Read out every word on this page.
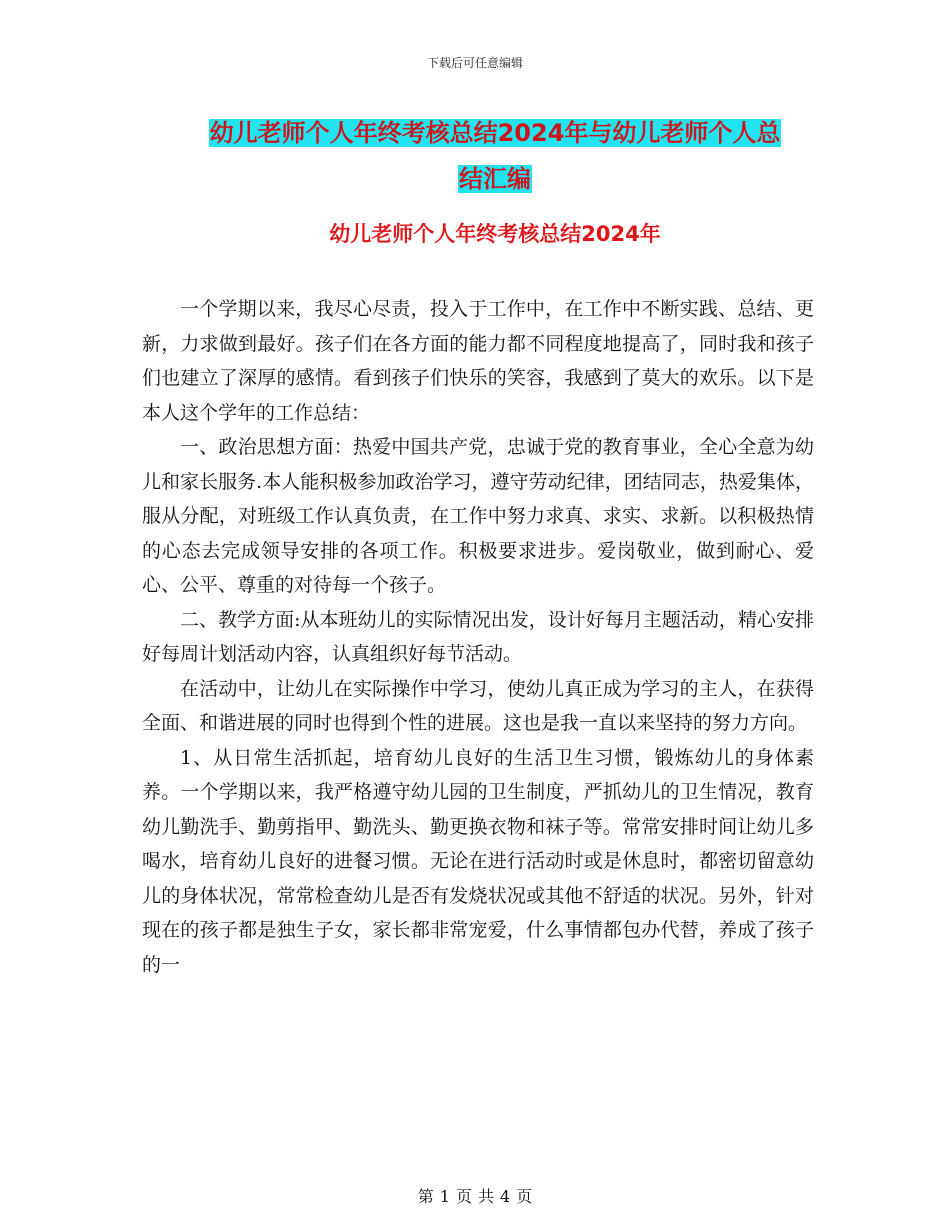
下载后可任意编辑
幼儿老师个人年终考核总结2024年与幼儿老师个人总
结汇编
幼儿老师个人年终考核总结2024年

一个学期以来，我尽心尽责，投入于工作中，在工作中不断实践、总结、更新，力求做到最好。孩子们在各方面的能力都不同程度地提高了，同时我和孩子们也建立了深厚的感情。看到孩子们快乐的笑容，我感到了莫大的欢乐。以下是本人这个学年的工作总结：

一、政治思想方面：热爱中国共产党，忠诚于党的教育事业，全心全意为幼儿和家长服务.本人能积极参加政治学习，遵守劳动纪律，团结同志，热爱集体，服从分配，对班级工作认真负责，在工作中努力求真、求实、求新。以积极热情的心态去完成领导安排的各项工作。积极要求进步。爱岗敬业，做到耐心、爱心、公平、尊重的对待每一个孩子。

二、教学方面:从本班幼儿的实际情况出发，设计好每月主题活动，精心安排好每周计划活动内容，认真组织好每节活动。

在活动中，让幼儿在实际操作中学习，使幼儿真正成为学习的主人，在获得全面、和谐进展的同时也得到个性的进展。这也是我一直以来坚持的努力方向。

1、从日常生活抓起，培育幼儿良好的生活卫生习惯，锻炼幼儿的身体素养。一个学期以来，我严格遵守幼儿园的卫生制度，严抓幼儿的卫生情况，教育幼儿勤洗手、勤剪指甲、勤洗头、勤更换衣物和袜子等。常常安排时间让幼儿多喝水，培育幼儿良好的进餐习惯。无论在进行活动时或是休息时，都密切留意幼儿的身体状况，常常检查幼儿是否有发烧状况或其他不舒适的状况。另外，针对现在的孩子都是独生子女，家长都非常宠爱，什么事情都包办代替，养成了孩子的一

第 1 页 共 4 页
